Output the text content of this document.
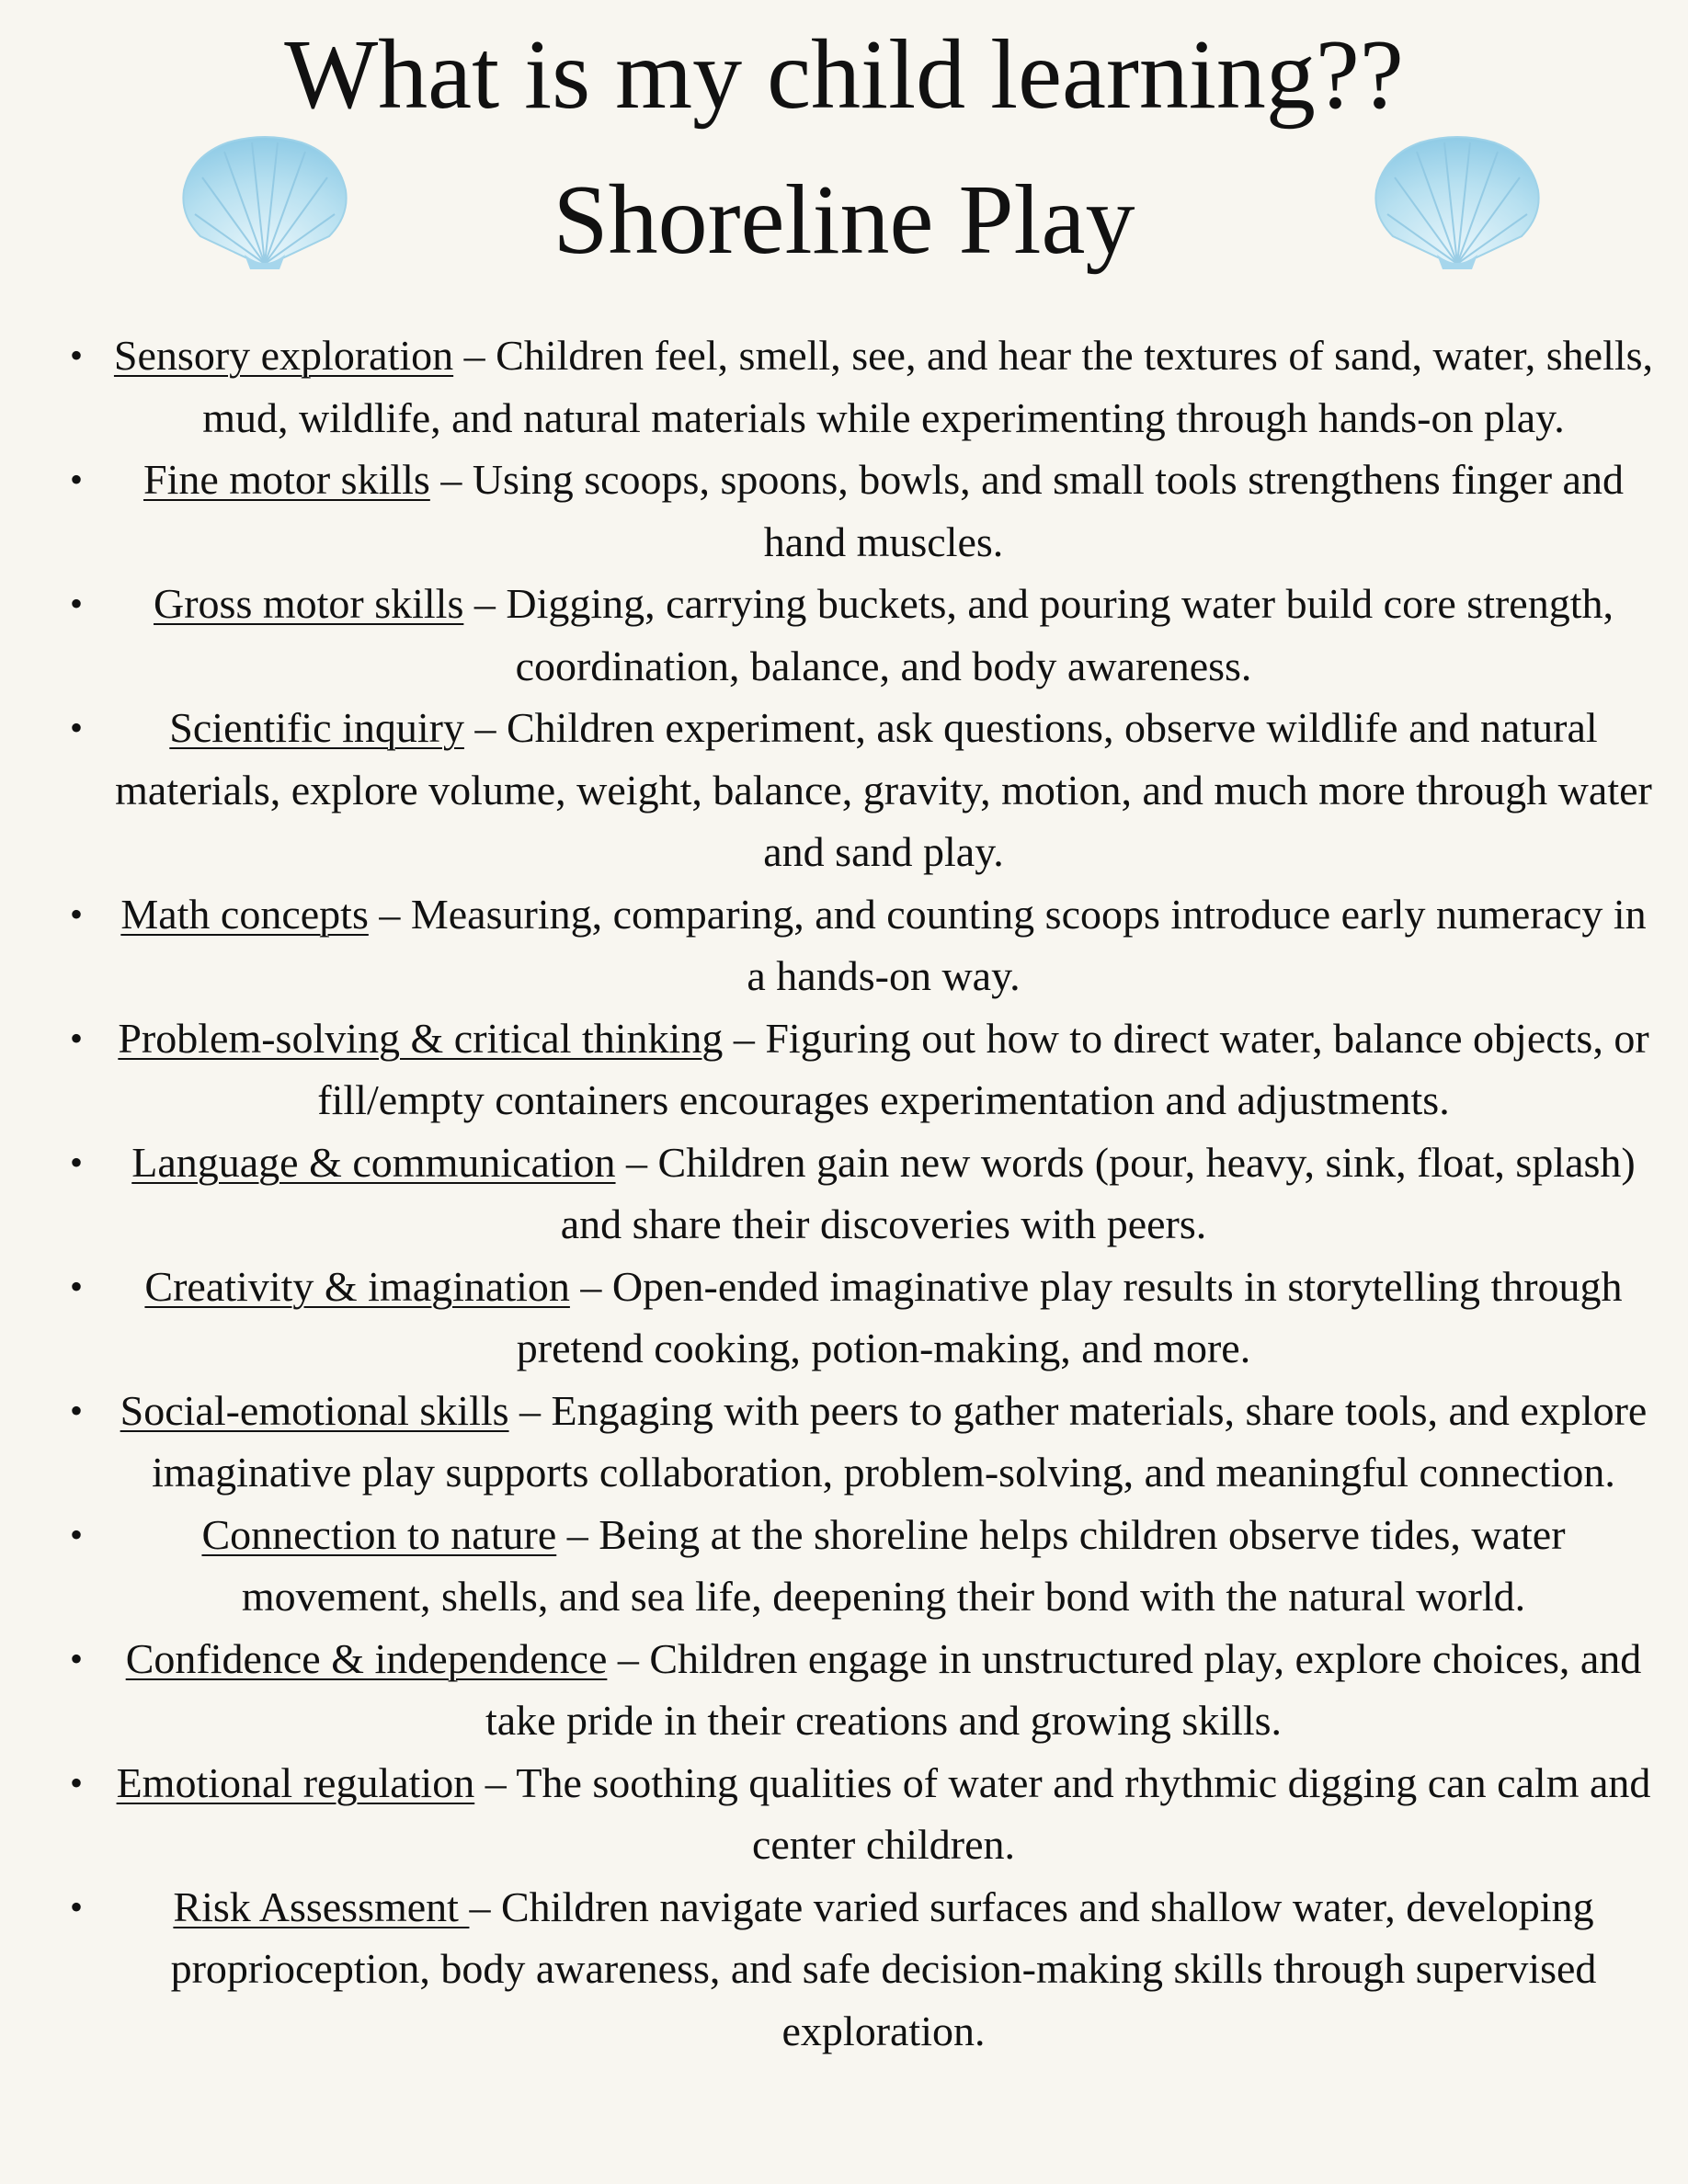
What is my child learning??
Shoreline Play
• Sensory exploration – Children feel, smell, see, and hear the textures of sand, water, shells, mud, wildlife, and natural materials while experimenting through hands-on play.
• Fine motor skills – Using scoops, spoons, bowls, and small tools strengthens finger and hand muscles.
• Gross motor skills – Digging, carrying buckets, and pouring water build core strength, coordination, balance, and body awareness.
• Scientific inquiry – Children experiment, ask questions, observe wildlife and natural materials, explore volume, weight, balance, gravity, motion, and much more through water and sand play.
• Math concepts – Measuring, comparing, and counting scoops introduce early numeracy in a hands-on way.
• Problem-solving & critical thinking – Figuring out how to direct water, balance objects, or fill/empty containers encourages experimentation and adjustments.
• Language & communication – Children gain new words (pour, heavy, sink, float, splash) and share their discoveries with peers.
• Creativity & imagination – Open-ended imaginative play results in storytelling through pretend cooking, potion-making, and more.
• Social-emotional skills – Engaging with peers to gather materials, share tools, and explore imaginative play supports collaboration, problem-solving, and meaningful connection.
•	Connection to nature – Being at the shoreline helps children observe tides, water movement, shells, and sea life, deepening their bond with the natural world.
• Confidence & independence – Children engage in unstructured play, explore choices, and take pride in their creations and growing skills.
• Emotional regulation – The soothing qualities of water and rhythmic digging can calm and center children.
• Risk Assessment – Children navigate varied surfaces and shallow water, developing proprioception, body awareness, and safe decision-making skills through supervised exploration.
